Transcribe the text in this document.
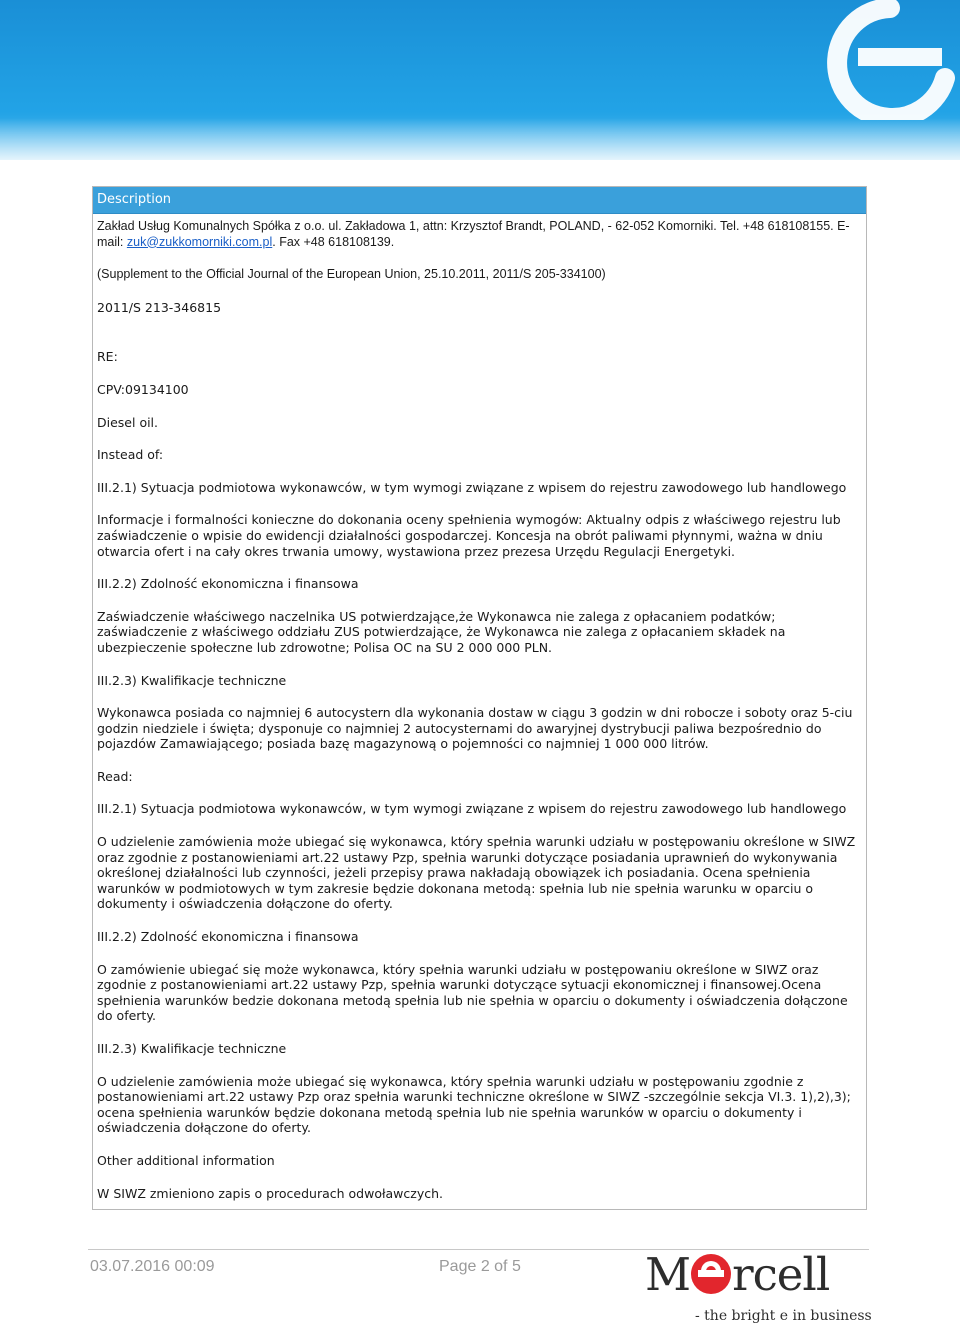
Description

Zakład Usług Komunalnych Spółka z o.o. ul. Zakładowa 1, attn: Krzysztof Brandt, POLAND, - 62-052 Komorniki. Tel. +48 618108155. E-mail: zuk@zukkomorniki.com.pl. Fax +48 618108139.

(Supplement to the Official Journal of the European Union, 25.10.2011, 2011/S 205-334100)

2011/S 213-346815

RE:

CPV:09134100

Diesel oil.

Instead of:

III.2.1) Sytuacja podmiotowa wykonawców, w tym wymogi związane z wpisem do rejestru zawodowego lub handlowego

Informacje i formalności konieczne do dokonania oceny spełnienia wymogów: Aktualny odpis z właściwego rejestru lub zaświadczenie o wpisie do ewidencji działalności gospodarczej. Koncesja na obrót paliwami płynnymi, ważna w dniu otwarcia ofert i na cały okres trwania umowy, wystawiona przez prezesa Urzędu Regulacji Energetyki.

III.2.2) Zdolność ekonomiczna i finansowa

Zaświadczenie właściwego naczelnika US potwierdzające,że Wykonawca nie zalega z opłacaniem podatków; zaświadczenie z właściwego oddziału ZUS potwierdzające, że Wykonawca nie zalega z opłacaniem składek na ubezpieczenie społeczne lub zdrowotne; Polisa OC na SU 2 000 000 PLN.

III.2.3) Kwalifikacje techniczne

Wykonawca posiada co najmniej 6 autocystern dla wykonania dostaw w ciągu 3 godzin w dni robocze i soboty oraz 5-ciu godzin niedziele i święta; dysponuje co najmniej 2 autocysternami do awaryjnej dystrybucji paliwa bezpośrednio do pojazdów Zamawiającego; posiada bazę magazynową o pojemności co najmniej 1 000 000 litrów.

Read:

III.2.1) Sytuacja podmiotowa wykonawców, w tym wymogi związane z wpisem do rejestru zawodowego lub handlowego

O udzielenie zamówienia może ubiegać się wykonawca, który spełnia warunki udziału w postępowaniu określone w SIWZ oraz zgodnie z postanowieniami art.22 ustawy Pzp, spełnia warunki dotyczące posiadania uprawnień do wykonywania określonej działalności lub czynności, jeżeli przepisy prawa nakładają obowiązek ich posiadania. Ocena spełnienia warunków w podmiotowych w tym zakresie będzie dokonana metodą: spełnia lub nie spełnia warunku w oparciu o dokumenty i oświadczenia dołączone do oferty.

III.2.2) Zdolność ekonomiczna i finansowa

O zamówienie ubiegać się może wykonawca, który spełnia warunki udziału w postępowaniu określone w SIWZ oraz zgodnie z postanowieniami art.22 ustawy Pzp, spełnia warunki dotyczące sytuacji ekonomicznej i finansowej.Ocena spełnienia warunków bedzie dokonana metodą spełnia lub nie spełnia w oparciu o dokumenty i oświadczenia dołączone do oferty.

III.2.3) Kwalifikacje techniczne

O udzielenie zamówienia może ubiegać się wykonawca, który spełnia warunki udziału w postępowaniu zgodnie z postanowieniami art.22 ustawy Pzp oraz spełnia warunki techniczne określone w SIWZ -szczególnie sekcja VI.3. 1),2),3); ocena spełnienia warunków będzie dokonana metodą spełnia lub nie spełnia warunków w oparciu o dokumenty i oświadczenia dołączone do oferty.

Other additional information

W SIWZ zmieniono zapis o procedurach odwoławczych.

03.07.2016 00:09	Page 2 of 5	M rcell
- the bright e in business
